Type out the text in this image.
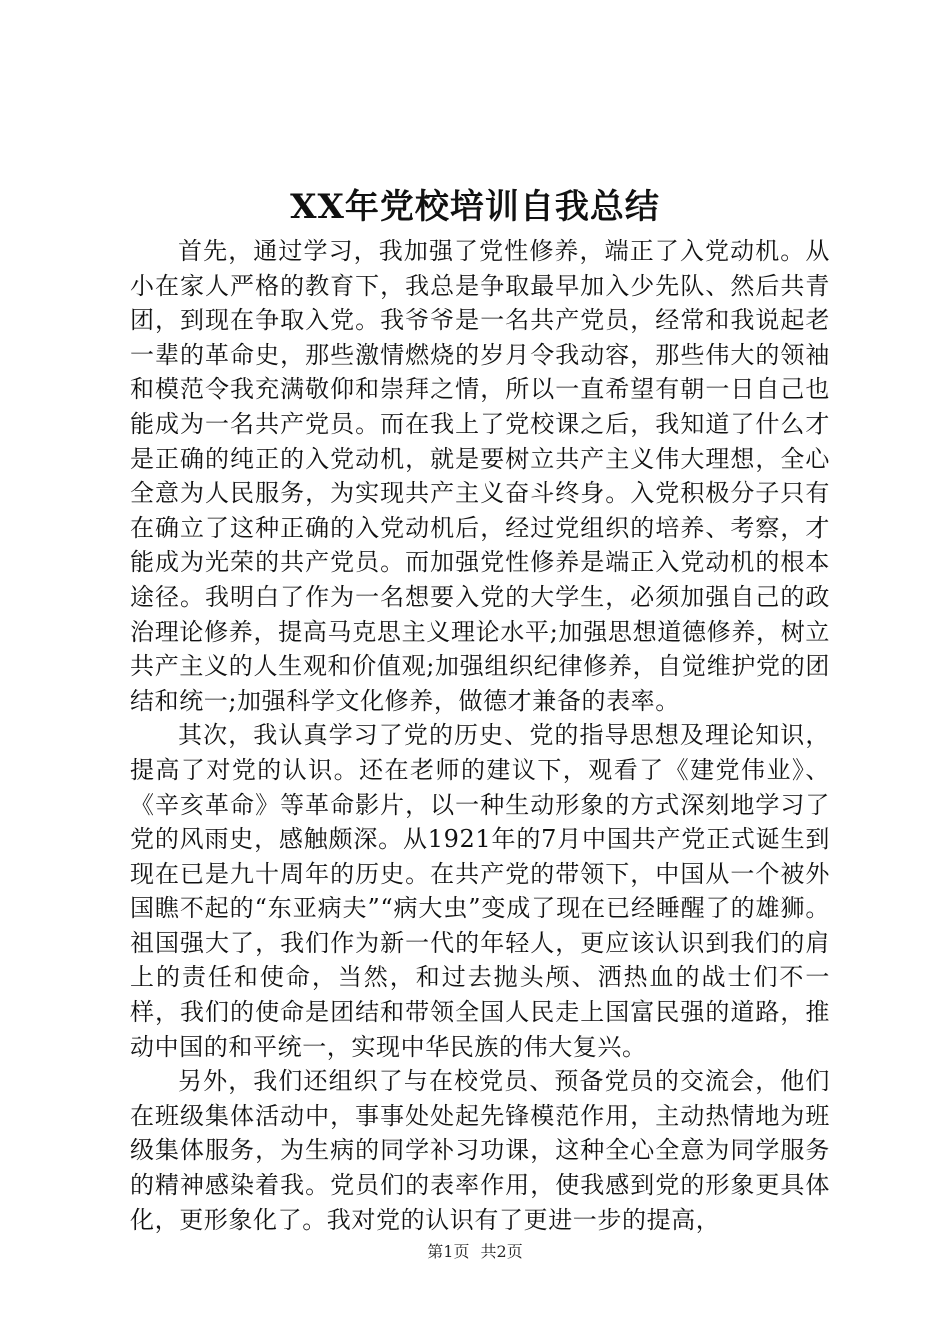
XX年党校培训自我总结

首先，通过学习，我加强了党性修养，端正了入党动机。从小在家人严格的教育下，我总是争取最早加入少先队、然后共青团，到现在争取入党。我爷爷是一名共产党员，经常和我说起老一辈的革命史，那些激情燃烧的岁月令我动容，那些伟大的领袖和模范令我充满敬仰和崇拜之情，所以一直希望有朝一日自己也能成为一名共产党员。而在我上了党校课之后，我知道了什么才是正确的纯正的入党动机，就是要树立共产主义伟大理想，全心全意为人民服务，为实现共产主义奋斗终身。入党积极分子只有在确立了这种正确的入党动机后，经过党组织的培养、考察，才能成为光荣的共产党员。而加强党性修养是端正入党动机的根本途径。我明白了作为一名想要入党的大学生，必须加强自己的政治理论修养，提高马克思主义理论水平;加强思想道德修养，树立共产主义的人生观和价值观;加强组织纪律修养，自觉维护党的团结和统一;加强科学文化修养，做德才兼备的表率。

其次，我认真学习了党的历史、党的指导思想及理论知识，提高了对党的认识。还在老师的建议下，观看了《建党伟业》、《辛亥革命》等革命影片，以一种生动形象的方式深刻地学习了党的风雨史，感触颇深。从1921年的7月中国共产党正式诞生到现在已是九十周年的历史。在共产党的带领下，中国从一个被外国瞧不起的“东亚病夫”“病大虫”变成了现在已经睡醒了的雄狮。祖国强大了，我们作为新一代的年轻人，更应该认识到我们的肩上的责任和使命，当然，和过去抛头颅、洒热血的战士们不一样，我们的使命是团结和带领全国人民走上国富民强的道路，推动中国的和平统一，实现中华民族的伟大复兴。

另外，我们还组织了与在校党员、预备党员的交流会，他们在班级集体活动中，事事处处起先锋模范作用，主动热情地为班级集体服务，为生病的同学补习功课，这种全心全意为同学服务的精神感染着我。党员们的表率作用，使我感到党的形象更具体化，更形象化了。我对党的认识有了更进一步的提高，

第1页 共2页
